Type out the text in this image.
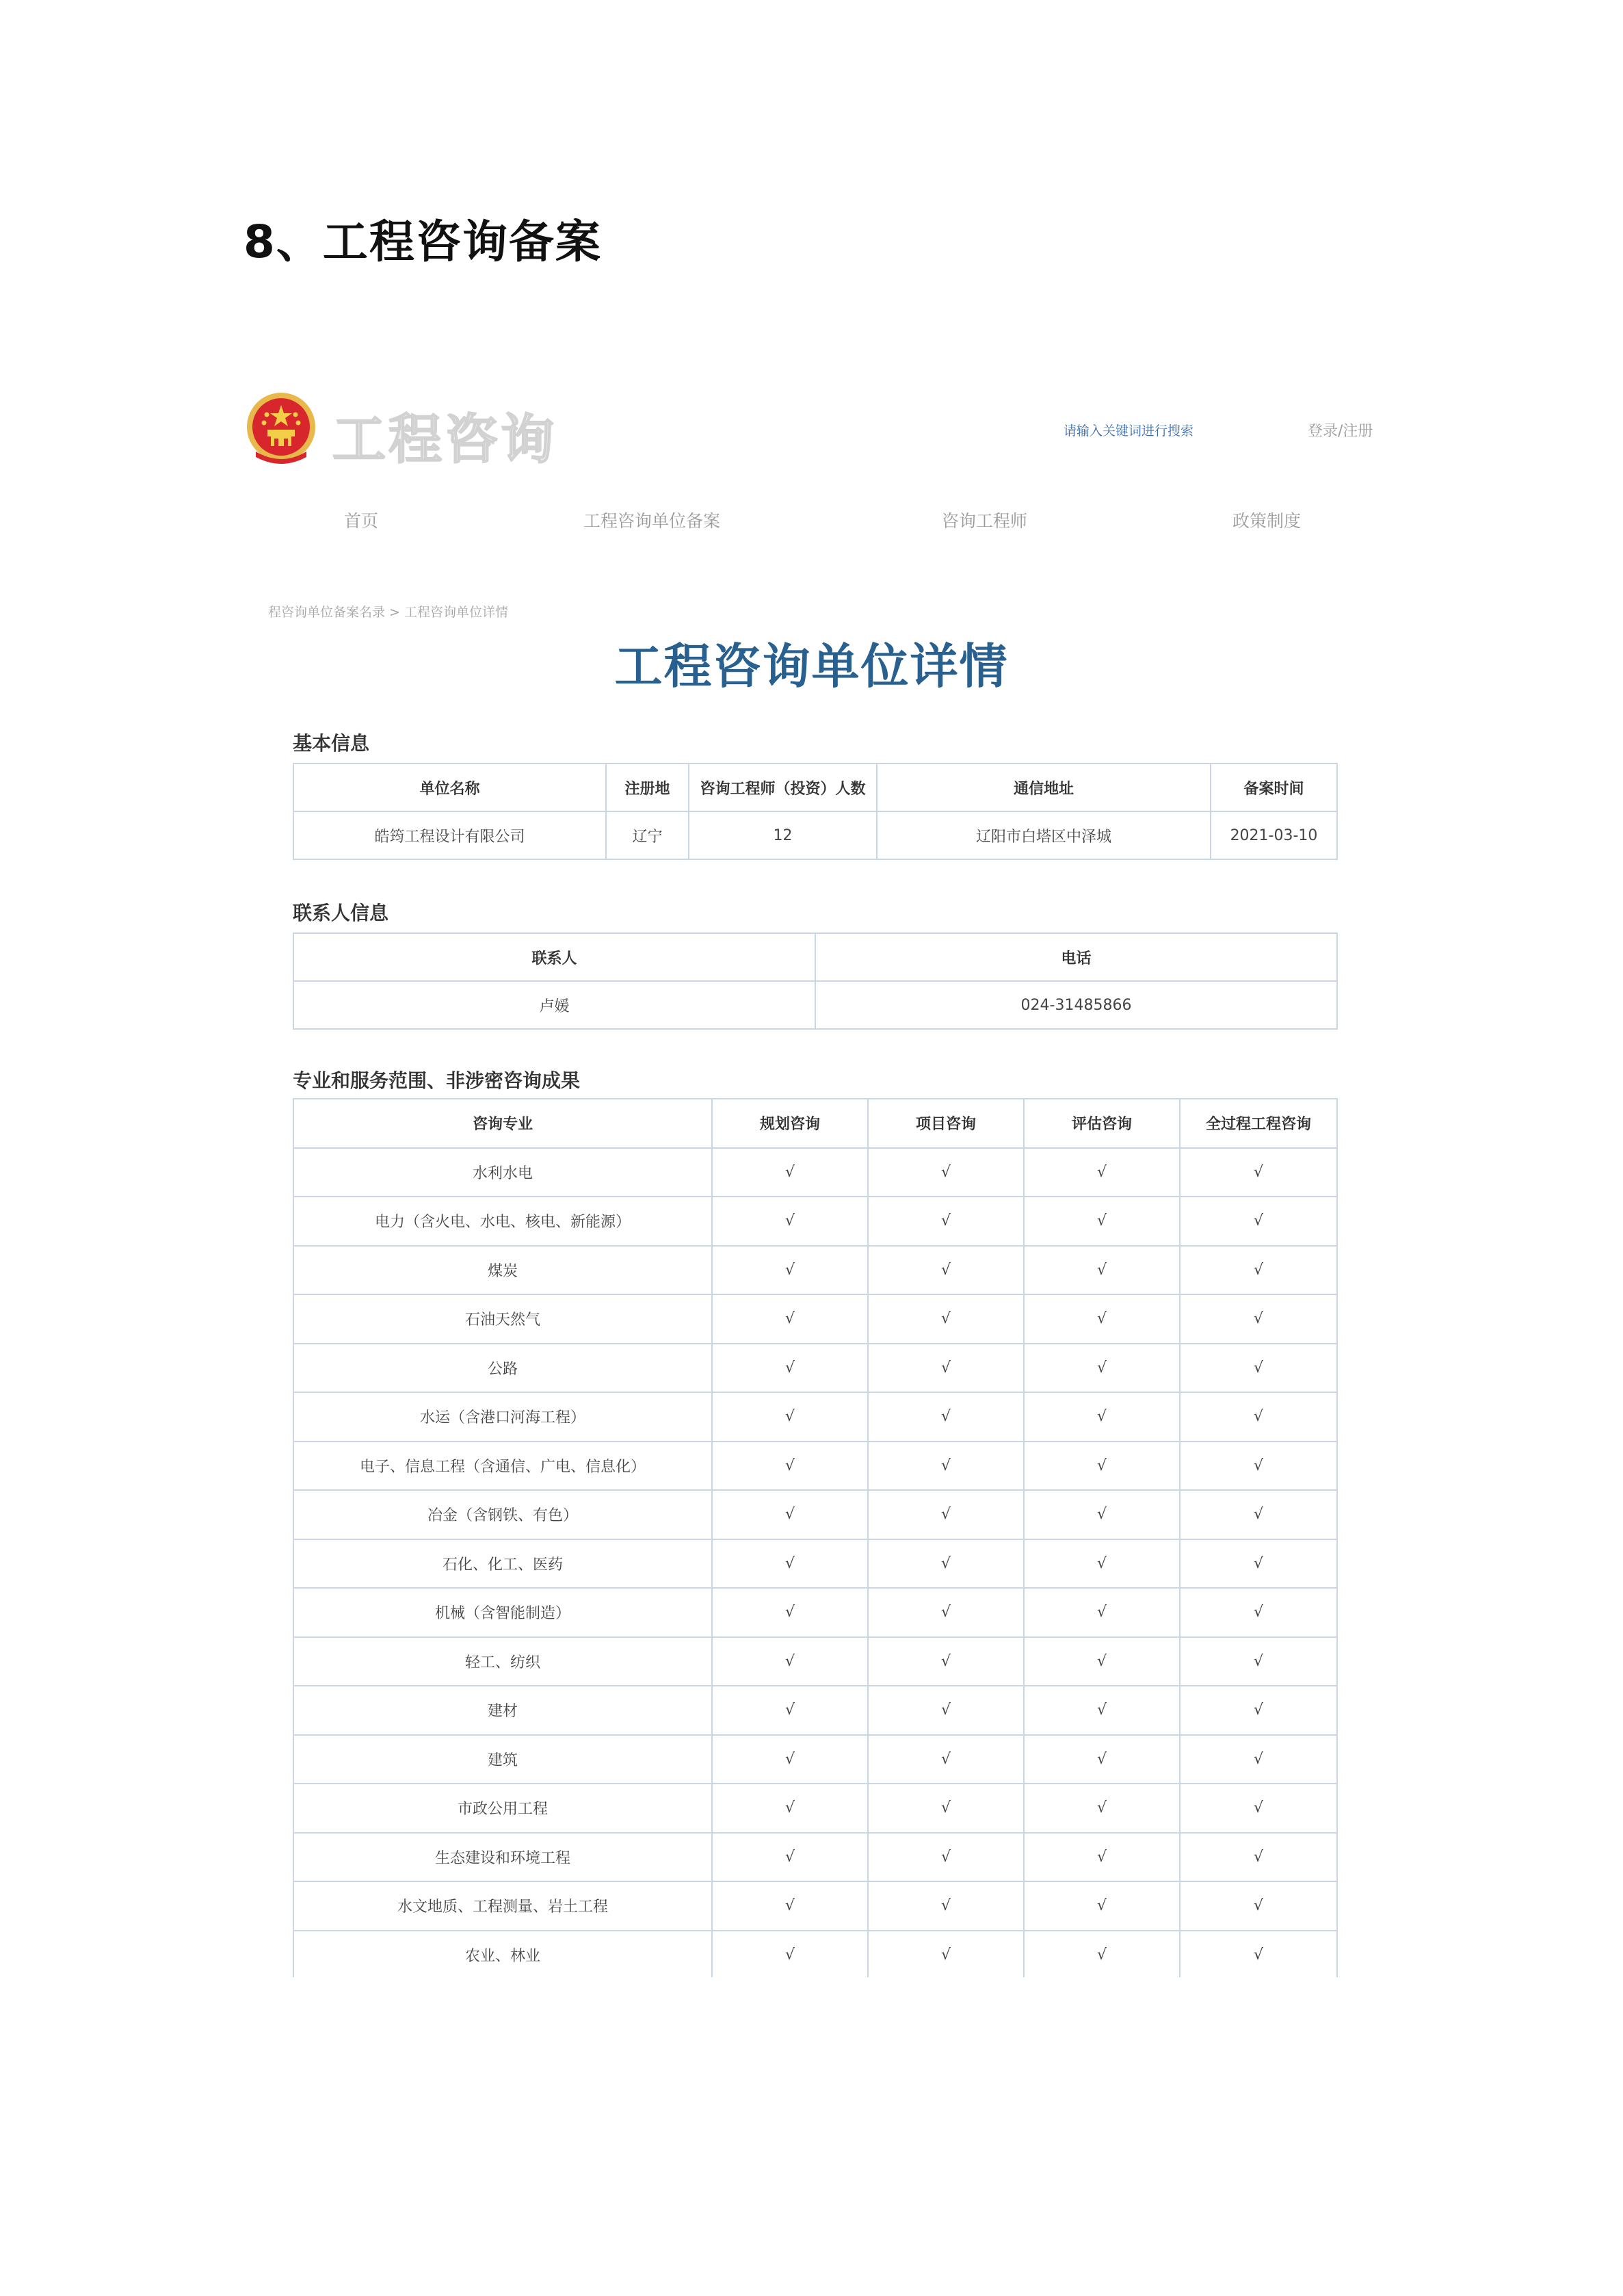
8、工程咨询备案
工程咨询	请输入关键词进行搜索	登录/注册
首页	工程咨询单位备案	咨询工程师	政策制度
程咨询单位备案名录 > 工程咨询单位详情
工程咨询单位详情
基本信息
单位名称	注册地	咨询工程师（投资）人数	通信地址	备案时间
皓筠工程设计有限公司	辽宁	12	辽阳市白塔区中泽城	2021-03-10
联系人信息
联系人	电话
卢媛	024-31485866
专业和服务范围、非涉密咨询成果
咨询专业	规划咨询	项目咨询	评估咨询	全过程工程咨询
水利水电	√	√	√	√
电力（含火电、水电、核电、新能源）	√	√	√	√
煤炭	√	√	√	√
石油天然气	√	√	√	√
公路	√	√	√	√
水运（含港口河海工程）	√	√	√	√
电子、信息工程（含通信、广电、信息化）	√	√	√	√
冶金（含钢铁、有色）	√	√	√	√
石化、化工、医药	√	√	√	√
机械（含智能制造）	√	√	√	√
轻工、纺织	√	√	√	√
建材	√	√	√	√
建筑	√	√	√	√
市政公用工程	√	√	√	√
生态建设和环境工程	√	√	√	√
水文地质、工程测量、岩土工程	√	√	√	√
农业、林业	√	√	√	√
